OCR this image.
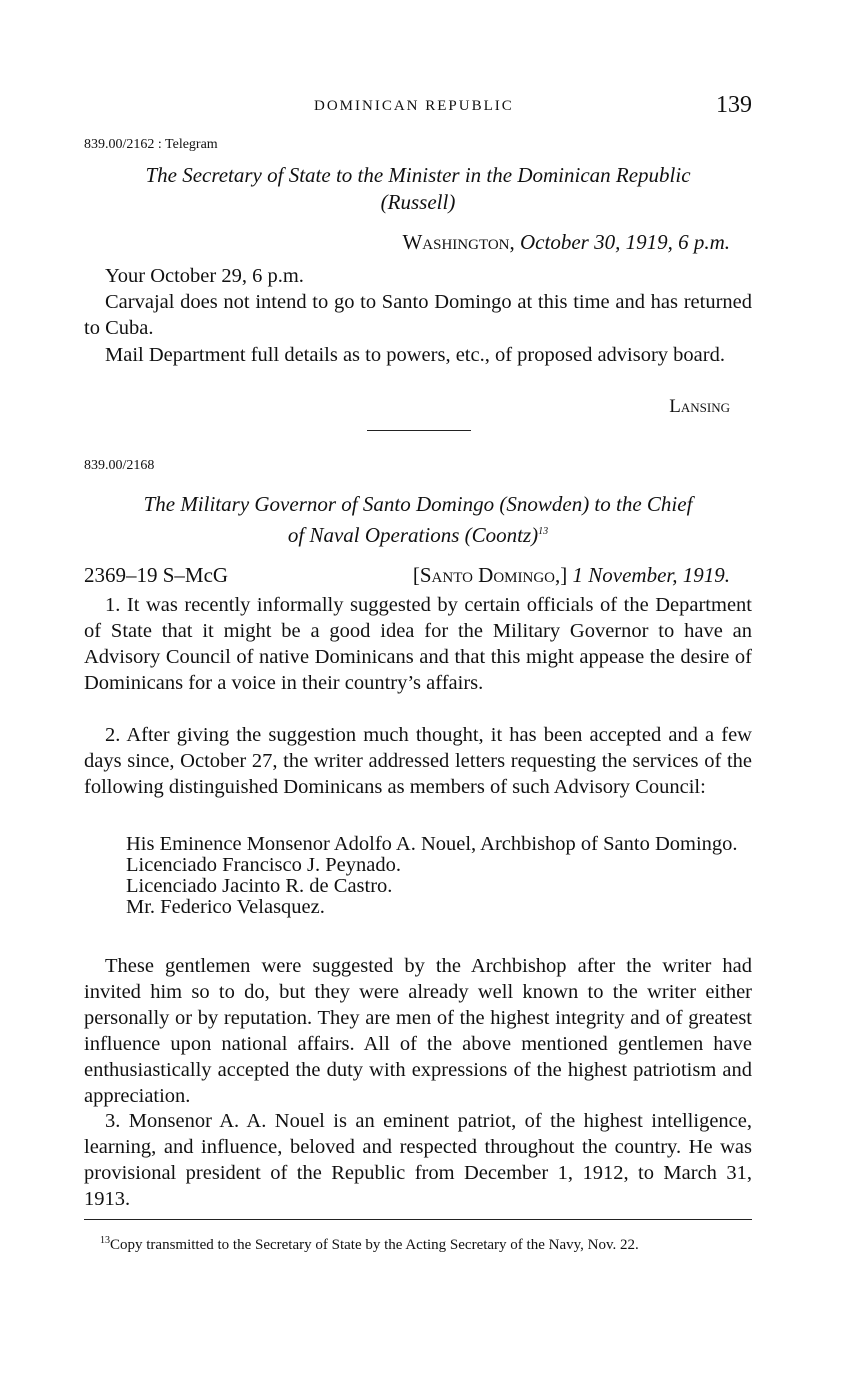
DOMINICAN REPUBLIC	139
839.00/2162 : Telegram
The Secretary of State to the Minister in the Dominican Republic
(Russell)
Washington, October 30, 1919, 6 p.m.
Your October 29, 6 p.m.
Carvajal does not intend to go to Santo Domingo at this time and has returned to Cuba.
Mail Department full details as to powers, etc., of proposed advisory board.
Lansing
839.00/2168
The Military Governor of Santo Domingo (Snowden) to the Chief
of Naval Operations (Coontz)$^{13}$
2369–19 S–McG	[Santo Domingo,] 1 November, 1919.
1. It was recently informally suggested by certain officials of the Department of State that it might be a good idea for the Military Governor to have an Advisory Council of native Dominicans and that this might appease the desire of Dominicans for a voice in their country’s affairs.
2. After giving the suggestion much thought, it has been accepted and a few days since, October 27, the writer addressed letters requesting the services of the following distinguished Dominicans as members of such Advisory Council:
His Eminence Monsenor Adolfo A. Nouel, Archbishop of Santo Domingo.
Licenciado Francisco J. Peynado.
Licenciado Jacinto R. de Castro.
Mr. Federico Velasquez.
These gentlemen were suggested by the Archbishop after the writer had invited him so to do, but they were already well known to the writer either personally or by reputation. They are men of the highest integrity and of greatest influence upon national affairs. All of the above mentioned gentlemen have enthusiastically accepted the duty with expressions of the highest patriotism and appreciation.
3. Monsenor A. A. Nouel is an eminent patriot, of the highest intelligence, learning, and influence, beloved and respected throughout the country. He was provisional president of the Republic from December 1, 1912, to March 31, 1913.
$^{13}$Copy transmitted to the Secretary of State by the Acting Secretary of the Navy, Nov. 22.
